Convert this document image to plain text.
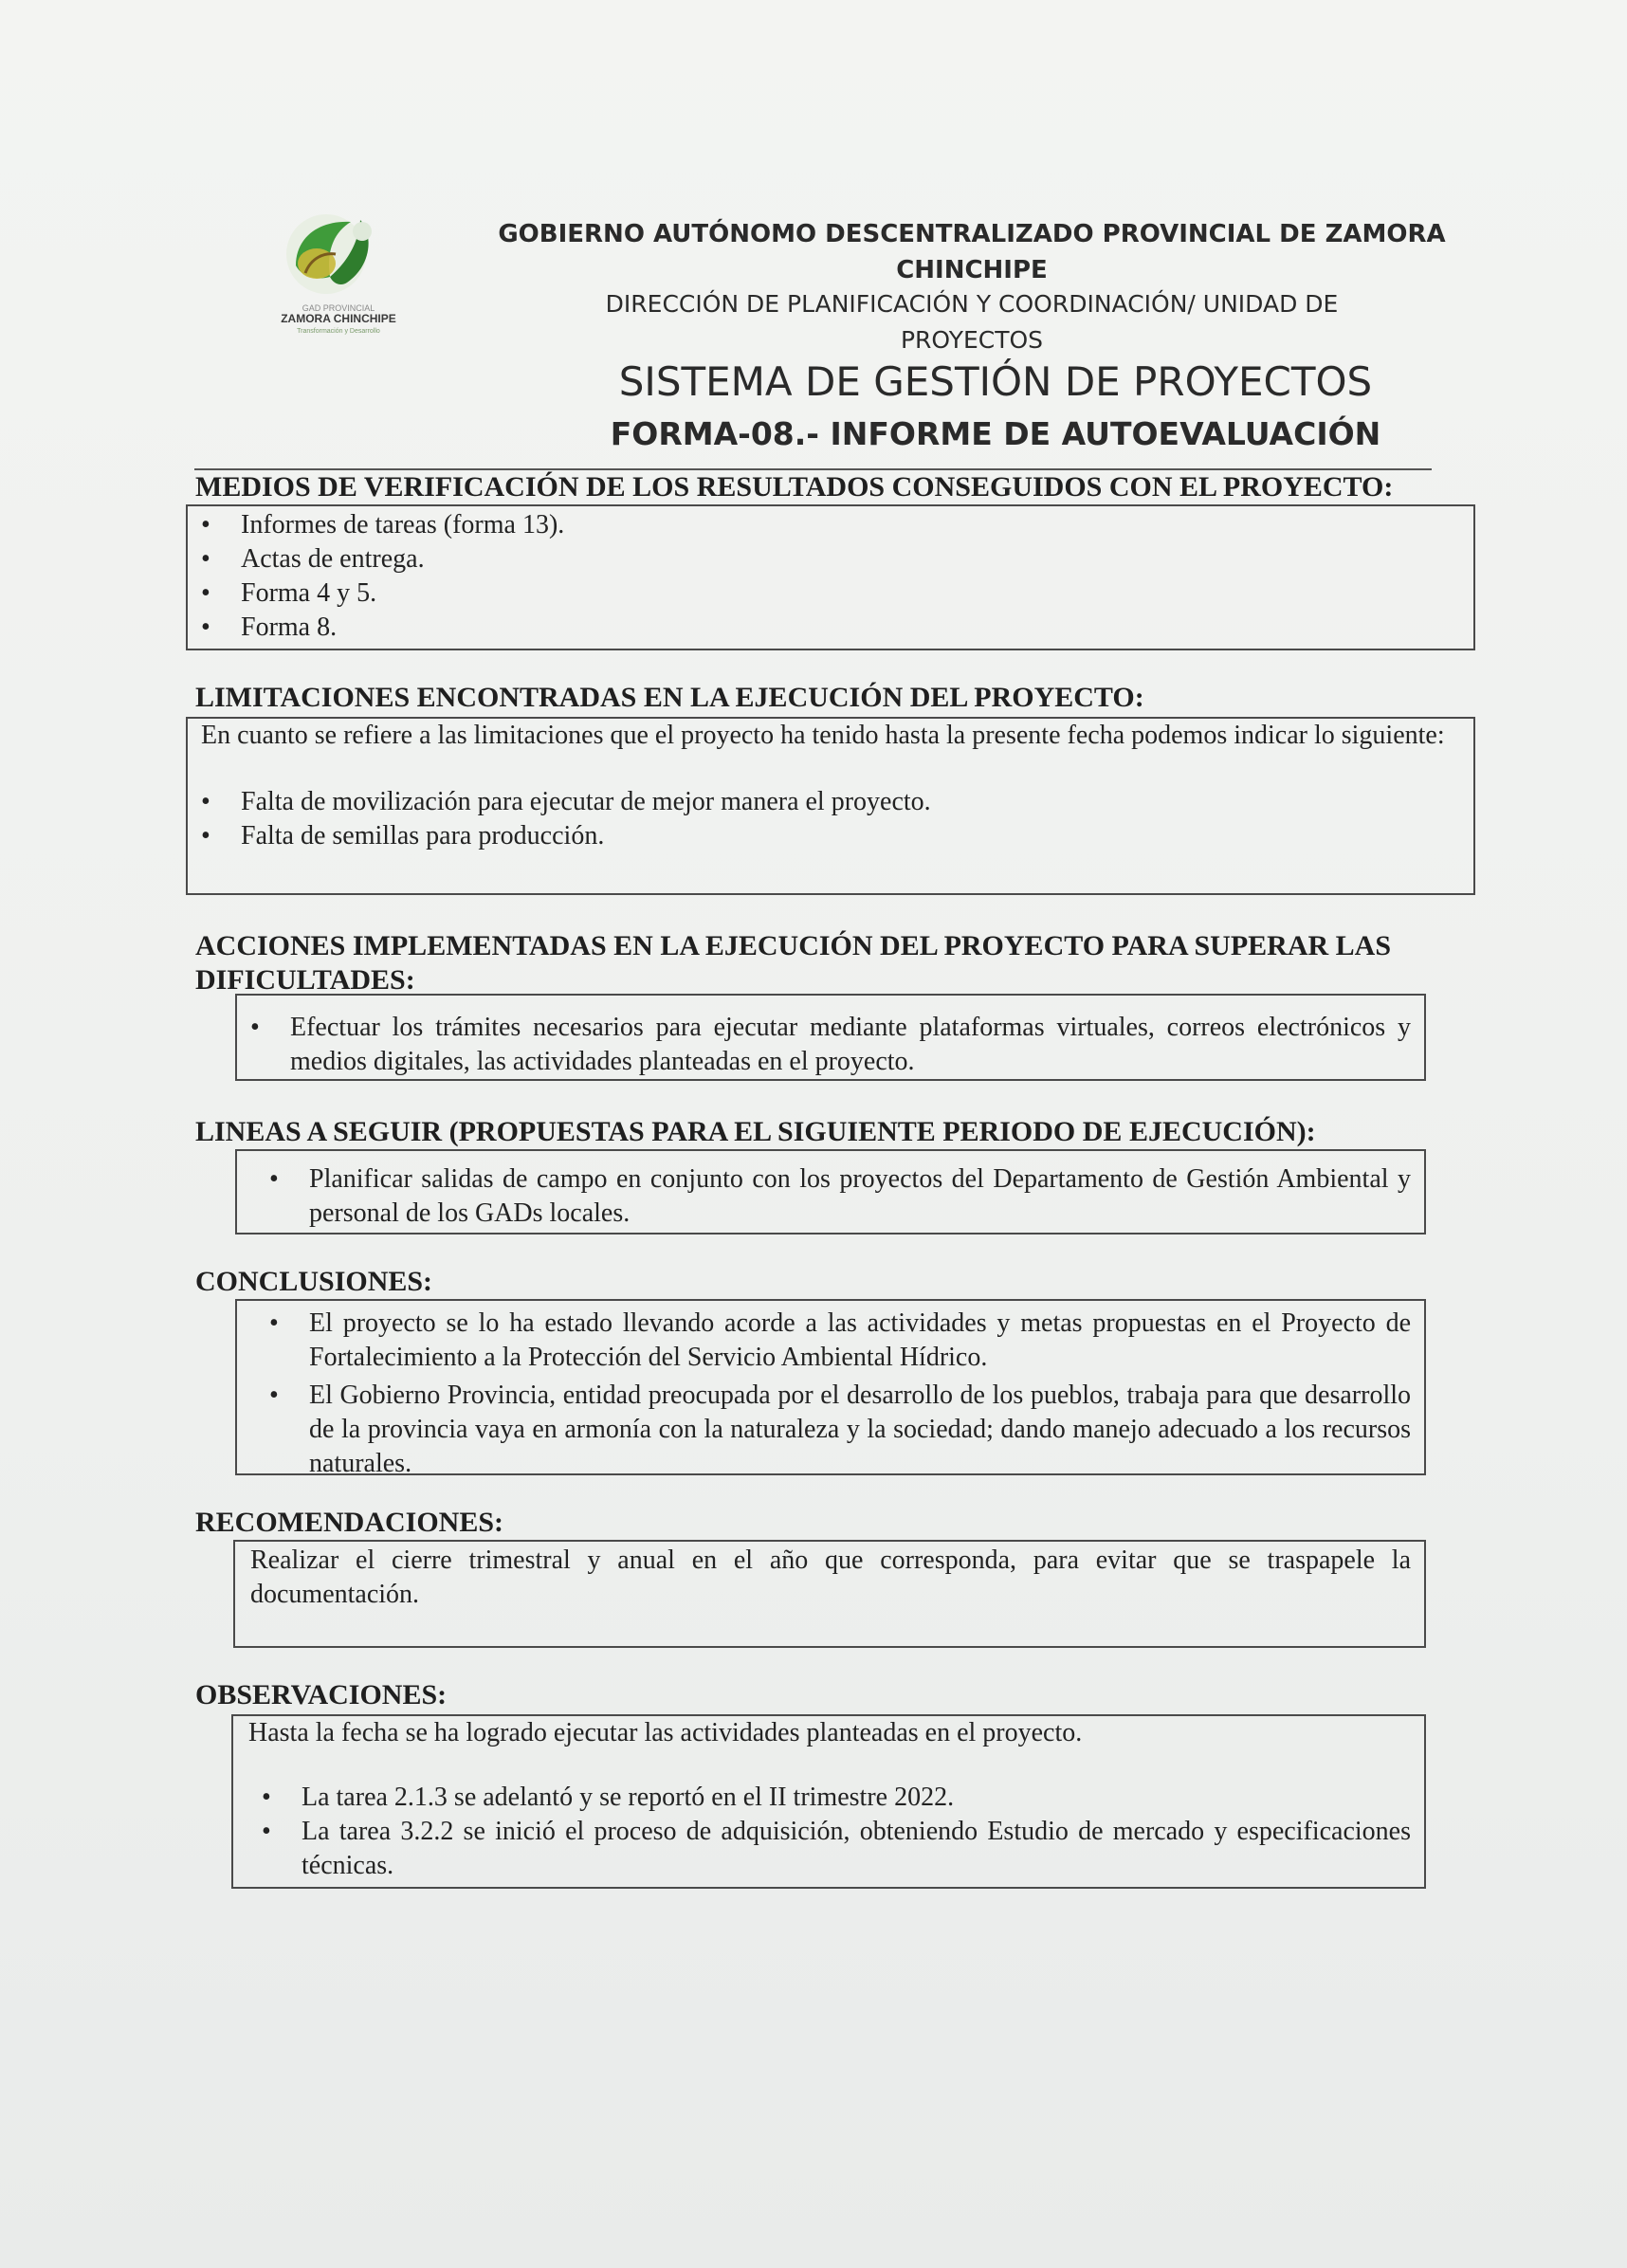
GAD PROVINCIAL
ZAMORA CHINCHIPE
Transformación y Desarrollo
GOBIERNO AUTÓNOMO DESCENTRALIZADO PROVINCIAL DE ZAMORA
CHINCHIPE
DIRECCIÓN DE PLANIFICACIÓN Y COORDINACIÓN/ UNIDAD DE
PROYECTOS
SISTEMA DE GESTIÓN DE PROYECTOS
FORMA-08.- INFORME DE AUTOEVALUACIÓN
MEDIOS DE VERIFICACIÓN DE LOS RESULTADOS CONSEGUIDOS CON EL PROYECTO:
• Informes de tareas (forma 13).
• Actas de entrega.
• Forma 4 y 5.
• Forma 8.
LIMITACIONES ENCONTRADAS EN LA EJECUCIÓN DEL PROYECTO:

En cuanto se refiere a las limitaciones que el proyecto ha tenido hasta la presente fecha podemos indicar lo siguiente:

• Falta de movilización para ejecutar de mejor manera el proyecto.
• Falta de semillas para producción.
ACCIONES IMPLEMENTADAS EN LA EJECUCIÓN DEL PROYECTO PARA SUPERAR LAS
DIFICULTADES:
• Efectuar los trámites necesarios para ejecutar mediante plataformas virtuales, correos electrónicos y medios digitales, las actividades planteadas en el proyecto.
LINEAS A SEGUIR (PROPUESTAS PARA EL SIGUIENTE PERIODO DE EJECUCIÓN):
• Planificar salidas de campo en conjunto con los proyectos del Departamento de Gestión Ambiental y personal de los GADs locales.
CONCLUSIONES:
• El proyecto se lo ha estado llevando acorde a las actividades y metas propuestas en el Proyecto de Fortalecimiento a la Protección del Servicio Ambiental Hídrico.
• El Gobierno Provincia, entidad preocupada por el desarrollo de los pueblos, trabaja para que desarrollo de la provincia vaya en armonía con la naturaleza y la sociedad; dando manejo adecuado a los recursos naturales.
RECOMENDACIONES:

Realizar el cierre trimestral y anual en el año que corresponda, para evitar que se traspapele la documentación.

OBSERVACIONES:

Hasta la fecha se ha logrado ejecutar las actividades planteadas en el proyecto.

• La tarea 2.1.3 se adelantó y se reportó en el II trimestre 2022.
• La tarea 3.2.2 se inició el proceso de adquisición, obteniendo Estudio de mercado y especificaciones técnicas.
